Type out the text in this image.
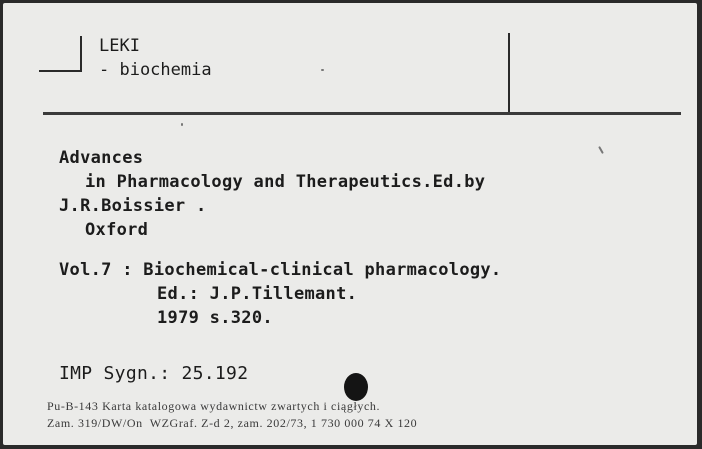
LEKI
- biochemia
Advances
in Pharmacology and Therapeutics.Ed.by
J.R.Boissier .
Oxford
Vol.7 : Biochemical-clinical pharmacology.
Ed.: J.P.Tillemant.
1979 s.320.
IMP Sygn.: 25.192
Pu-B-143 Karta katalogowa wydawnictw zwartych i ciągłych.
Zam. 319/DW/On  WZGraf. Z-d 2, zam. 202/73, 1 730 000 74 X 120
